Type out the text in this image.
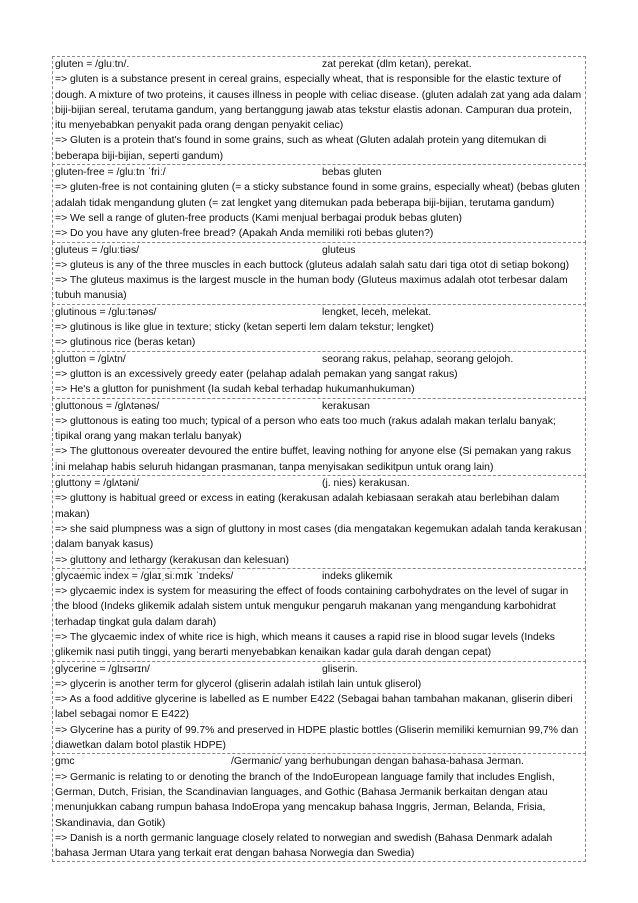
gluten = /ɡluːtn/.	zat perekat (dlm ketan), perekat.
=> gluten is a substance present in cereal grains, especially wheat, that is responsible for the elastic texture of dough. A mixture of two proteins, it causes illness in people with celiac disease. (gluten adalah zat yang ada dalam biji-bijian sereal, terutama gandum, yang bertanggung jawab atas tekstur elastis adonan. Campuran dua protein, itu menyebabkan penyakit pada orang dengan penyakit celiac)
=> Gluten is a protein that's found in some grains, such as wheat (Gluten adalah protein yang ditemukan di beberapa biji-bijian, seperti gandum)
gluten-free = /ɡluːtn ˈfriː/	bebas gluten
=> gluten-free is not containing gluten (= a sticky substance found in some grains, especially wheat) (bebas gluten adalah tidak mengandung gluten (= zat lengket yang ditemukan pada beberapa biji-bijian, terutama gandum)
=> We sell a range of gluten-free products (Kami menjual berbagai produk bebas gluten)
=> Do you have any gluten-free bread? (Apakah Anda memiliki roti bebas gluten?)
gluteus = /ɡluːtiəs/	gluteus
=> gluteus is any of the three muscles in each buttock (gluteus adalah salah satu dari tiga otot di setiap bokong)
=> The gluteus maximus is the largest muscle in the human body (Gluteus maximus adalah otot terbesar dalam tubuh manusia)
glutinous = /ɡluːtənəs/	lengket, leceh, melekat.
=> glutinous is like glue in texture; sticky (ketan seperti lem dalam tekstur; lengket)
=> glutinous rice (beras ketan)
glutton = /ɡlʌtn/	seorang rakus, pelahap, seorang gelojoh.
=> glutton is an excessively greedy eater (pelahap adalah pemakan yang sangat rakus)
=> He's a glutton for punishment (Ia sudah kebal terhadap hukumanhukuman)
gluttonous = /ɡlʌtənəs/	kerakusan
=> gluttonous is eating too much; typical of a person who eats too much (rakus adalah makan terlalu banyak; tipikal orang yang makan terlalu banyak)
=> The gluttonous overeater devoured the entire buffet, leaving nothing for anyone else (Si pemakan yang rakus ini melahap habis seluruh hidangan prasmanan, tanpa menyisakan sedikitpun untuk orang lain)
gluttony = /ɡlʌtəni/	(j. nies) kerakusan.
=> gluttony is habitual greed or excess in eating (kerakusan adalah kebiasaan serakah atau berlebihan dalam makan)
=> she said plumpness was a sign of gluttony in most cases (dia mengatakan kegemukan adalah tanda kerakusan dalam banyak kasus)
=> gluttony and lethargy (kerakusan dan kelesuan)
glycaemic index = /ɡlaɪˌsiːmɪk ˈɪndeks/	indeks glikemik
=> glycaemic index is system for measuring the effect of foods containing carbohydrates on the level of sugar in the blood (Indeks glikemik adalah sistem untuk mengukur pengaruh makanan yang mengandung karbohidrat terhadap tingkat gula dalam darah)
=> The glycaemic index of white rice is high, which means it causes a rapid rise in blood sugar levels (Indeks glikemik nasi putih tinggi, yang berarti menyebabkan kenaikan kadar gula darah dengan cepat)
glycerine = /ɡlɪsərɪn/	gliserin.
=> glycerin is another term for glycerol (gliserin adalah istilah lain untuk gliserol)
=> As a food additive glycerine is labelled as E number E422 (Sebagai bahan tambahan makanan, gliserin diberi label sebagai nomor E E422)
=> Glycerine has a purity of 99.7% and preserved in HDPE plastic bottles (Gliserin memiliki kemurnian 99,7% dan diawetkan dalam botol plastik HDPE)
gmc	/Germanic/ yang berhubungan dengan bahasa-bahasa Jerman.
=> Germanic is relating to or denoting the branch of the IndoEuropean language family that includes English, German, Dutch, Frisian, the Scandinavian languages, and Gothic (Bahasa Jermanik berkaitan dengan atau menunjukkan cabang rumpun bahasa IndoEropa yang mencakup bahasa Inggris, Jerman, Belanda, Frisia, Skandinavia, dan Gotik)
=> Danish is a north germanic language closely related to norwegian and swedish (Bahasa Denmark adalah bahasa Jerman Utara yang terkait erat dengan bahasa Norwegia dan Swedia)
